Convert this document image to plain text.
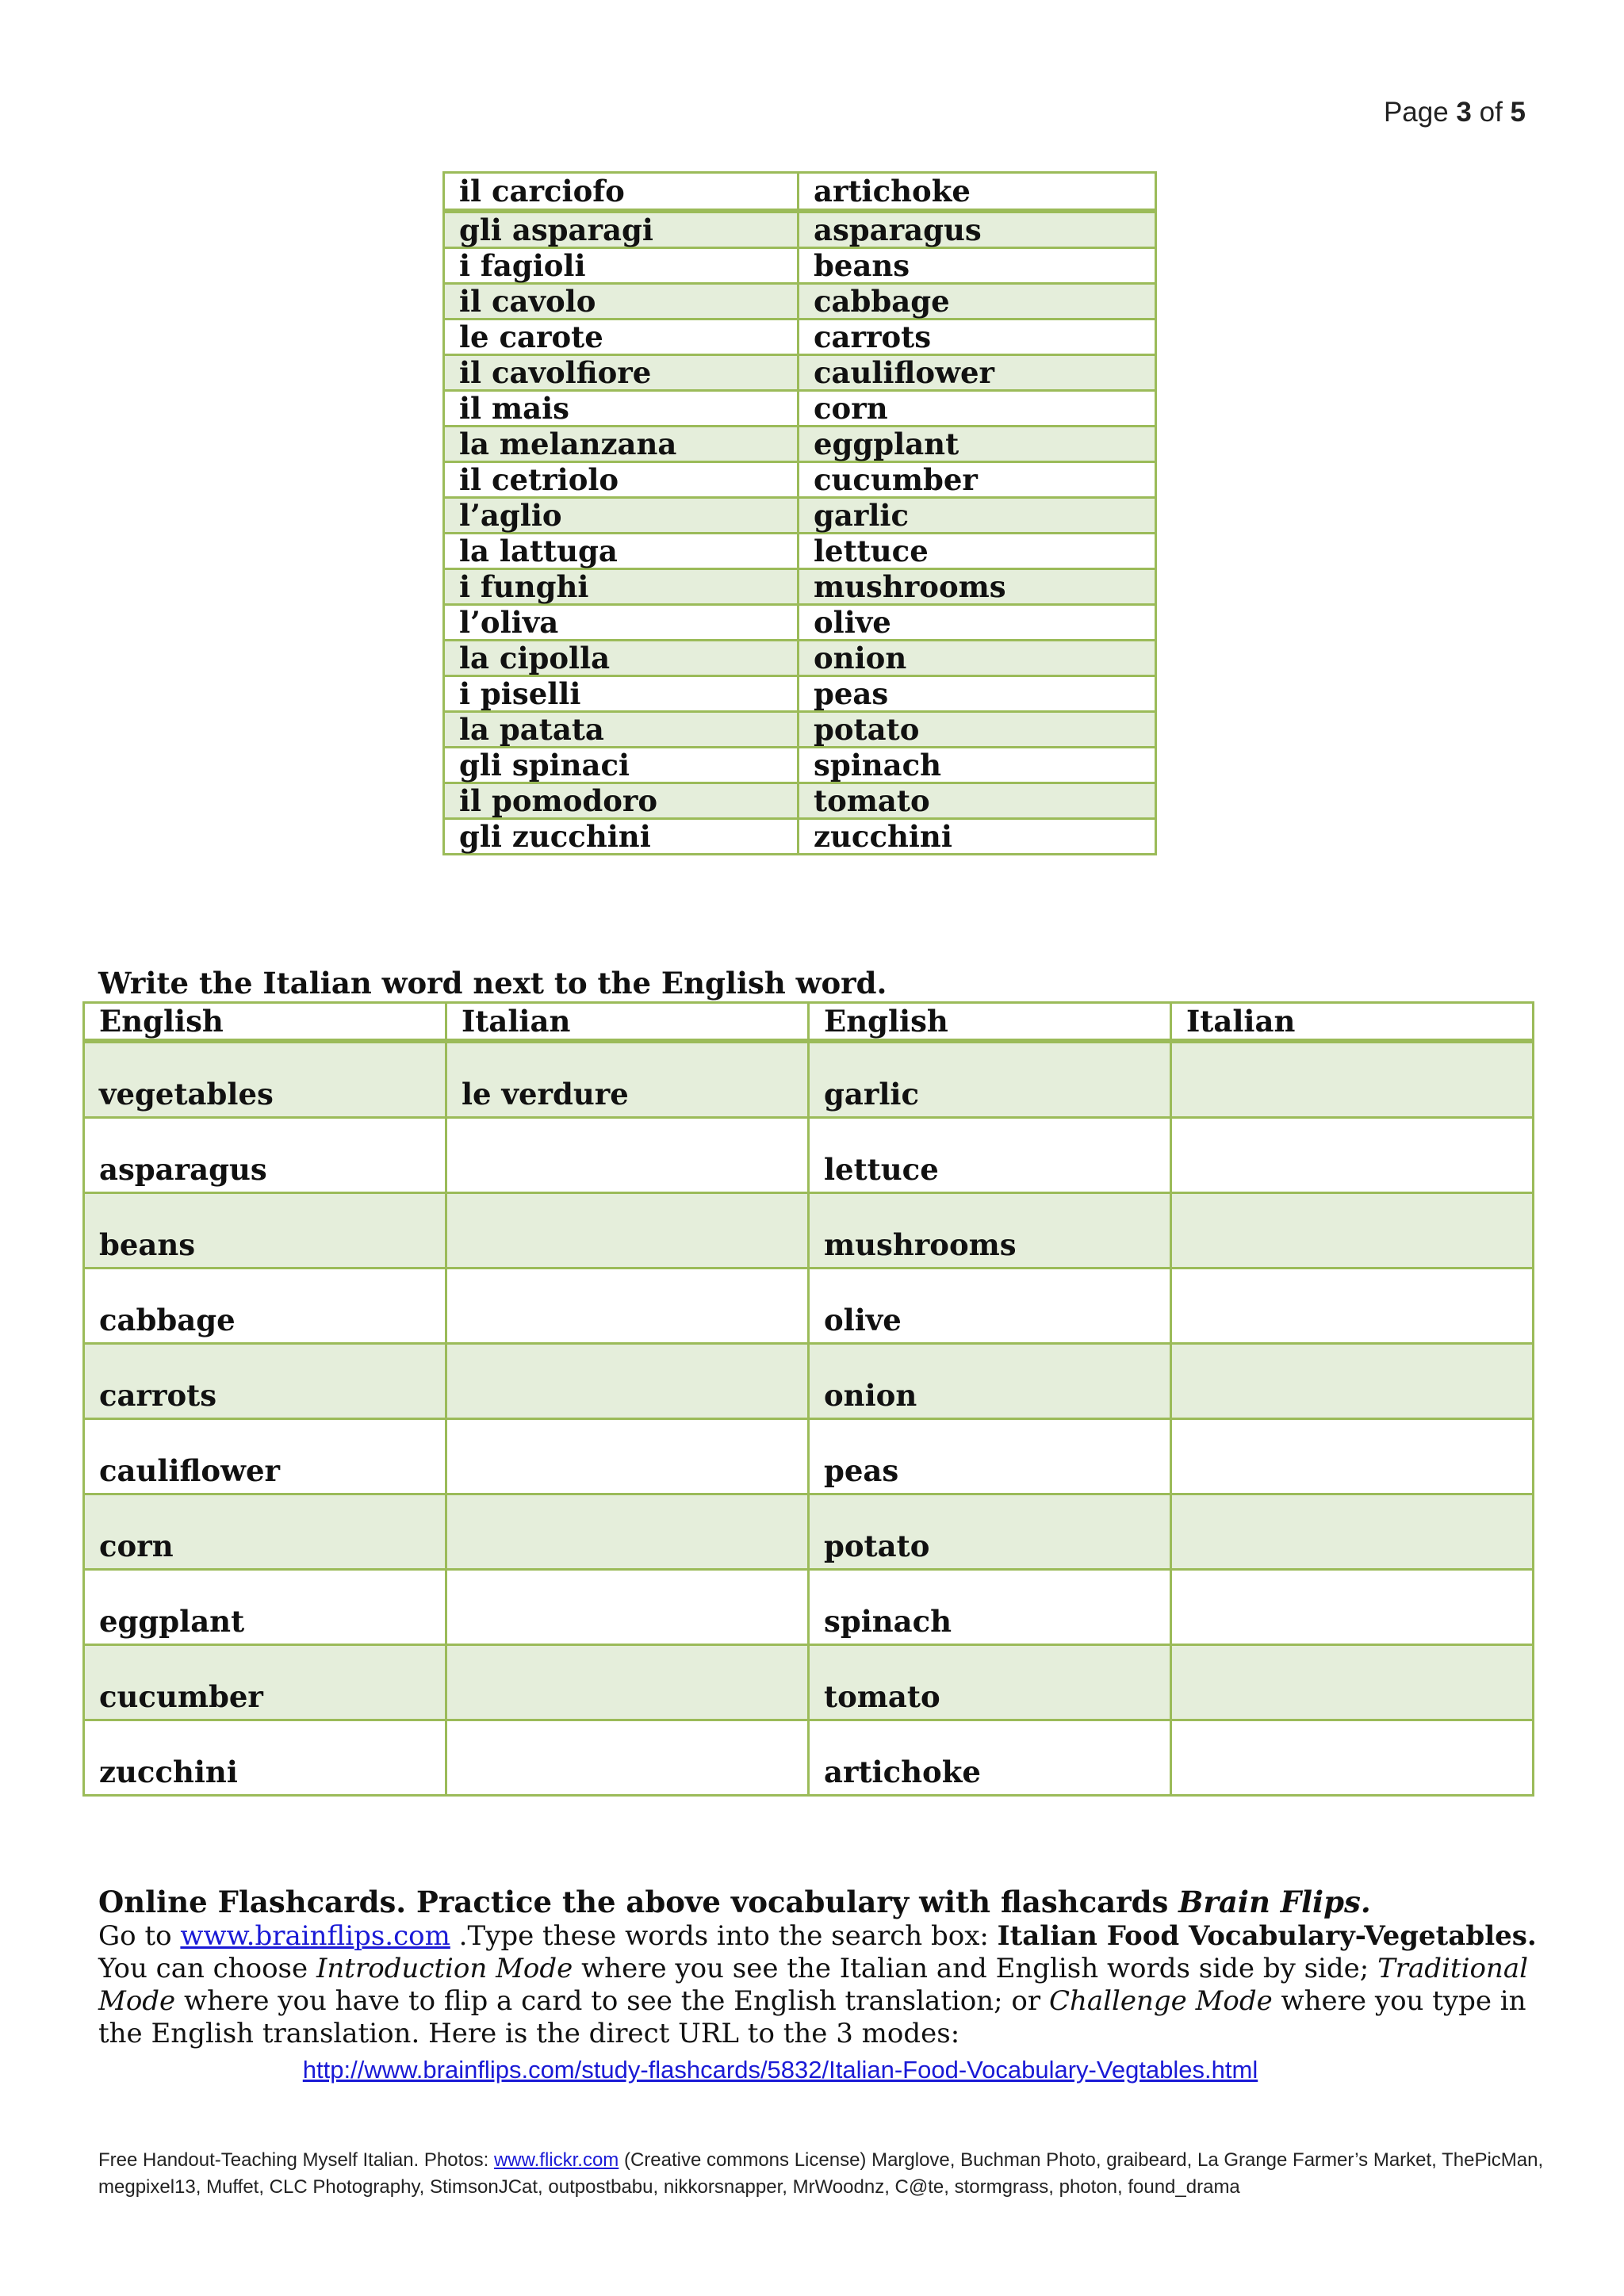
Page 3 of 5
il carciofo	artichoke
gli asparagi	asparagus
i fagioli	beans
il cavolo	cabbage
le carote	carrots
il cavolfiore	cauliflower
il mais	corn
la melanzana	eggplant
il cetriolo	cucumber
l’aglio	garlic
la lattuga	lettuce
i funghi	mushrooms
l’oliva	olive
la cipolla	onion
i piselli	peas
la patata	potato
gli spinaci	spinach
il pomodoro	tomato
gli zucchini	zucchini
Write the Italian word next to the English word.
English	Italian	English	Italian
vegetables	le verdure	garlic	
asparagus		lettuce	
beans		mushrooms	
cabbage		olive	
carrots		onion	
cauliflower		peas	
corn		potato	
eggplant		spinach	
cucumber		tomato	
zucchini		artichoke	
Online Flashcards. Practice the above vocabulary with flashcards Brain Flips.
Go to www.brainflips.com .Type these words into the search box: Italian Food Vocabulary-Vegetables. You can choose Introduction Mode where you see the Italian and English words side by side; Traditional Mode where you have to flip a card to see the English translation; or Challenge Mode where you type in the English translation. Here is the direct URL to the 3 modes:
http://www.brainflips.com/study-flashcards/5832/Italian-Food-Vocabulary-Vegtables.html
Free Handout-Teaching Myself Italian. Photos: www.flickr.com (Creative commons License) Marglove, Buchman Photo, graibeard, La Grange Farmer’s Market, ThePicMan, megpixel13, Muffet, CLC Photography, StimsonJCat, outpostbabu, nikkorsnapper, MrWoodnz, C@te, stormgrass, photon, found_drama
